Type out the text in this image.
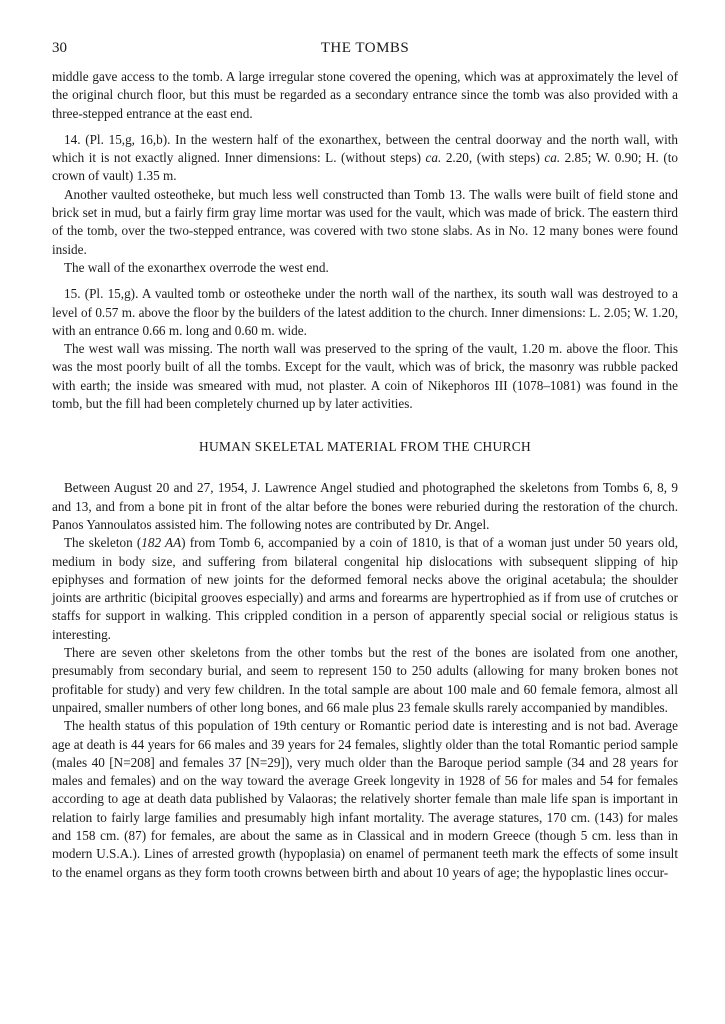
30	THE TOMBS

middle gave access to the tomb. A large irregular stone covered the opening, which was at approximately the level of the original church floor, but this must be regarded as a secondary entrance since the tomb was also provided with a three-stepped entrance at the east end.

14. (Pl. 15,g, 16,b). In the western half of the exonarthex, between the central doorway and the north wall, with which it is not exactly aligned. Inner dimensions: L. (without steps) ca. 2.20, (with steps) ca. 2.85; W. 0.90; H. (to crown of vault) 1.35 m.

Another vaulted osteotheke, but much less well constructed than Tomb 13. The walls were built of field stone and brick set in mud, but a fairly firm gray lime mortar was used for the vault, which was made of brick. The eastern third of the tomb, over the two-stepped entrance, was covered with two stone slabs. As in No. 12 many bones were found inside.

The wall of the exonarthex overrode the west end.

15. (Pl. 15,g). A vaulted tomb or osteotheke under the north wall of the narthex, its south wall was destroyed to a level of 0.57 m. above the floor by the builders of the latest addition to the church. Inner dimensions: L. 2.05; W. 1.20, with an entrance 0.66 m. long and 0.60 m. wide.

The west wall was missing. The north wall was preserved to the spring of the vault, 1.20 m. above the floor. This was the most poorly built of all the tombs. Except for the vault, which was of brick, the masonry was rubble packed with earth; the inside was smeared with mud, not plaster. A coin of Nikephoros III (1078–1081) was found in the tomb, but the fill had been completely churned up by later activities.

HUMAN SKELETAL MATERIAL FROM THE CHURCH

Between August 20 and 27, 1954, J. Lawrence Angel studied and photographed the skeletons from Tombs 6, 8, 9 and 13, and from a bone pit in front of the altar before the bones were reburied during the restoration of the church. Panos Yannoulatos assisted him. The following notes are contributed by Dr. Angel.

The skeleton (182 AA) from Tomb 6, accompanied by a coin of 1810, is that of a woman just under 50 years old, medium in body size, and suffering from bilateral congenital hip dislocations with subsequent slipping of hip epiphyses and formation of new joints for the deformed femoral necks above the original acetabula; the shoulder joints are arthritic (bicipital grooves especially) and arms and forearms are hypertrophied as if from use of crutches or staffs for support in walking. This crippled condition in a person of apparently special social or religious status is interesting.

There are seven other skeletons from the other tombs but the rest of the bones are isolated from one another, presumably from secondary burial, and seem to represent 150 to 250 adults (allowing for many broken bones not profitable for study) and very few children. In the total sample are about 100 male and 60 female femora, almost all unpaired, smaller numbers of other long bones, and 66 male plus 23 female skulls rarely accompanied by mandibles.

The health status of this population of 19th century or Romantic period date is interesting and is not bad. Average age at death is 44 years for 66 males and 39 years for 24 females, slightly older than the total Romantic period sample (males 40 [N=208] and females 37 [N=29]), very much older than the Baroque period sample (34 and 28 years for males and females) and on the way toward the average Greek longevity in 1928 of 56 for males and 54 for females according to age at death data published by Valaoras; the relatively shorter female than male life span is important in relation to fairly large families and presumably high infant mortality. The average statures, 170 cm. (143) for males and 158 cm. (87) for females, are about the same as in Classical and in modern Greece (though 5 cm. less than in modern U.S.A.). Lines of arrested growth (hypoplasia) on enamel of permanent teeth mark the effects of some insult to the enamel organs as they form tooth crowns between birth and about 10 years of age; the hypoplastic lines occur-
